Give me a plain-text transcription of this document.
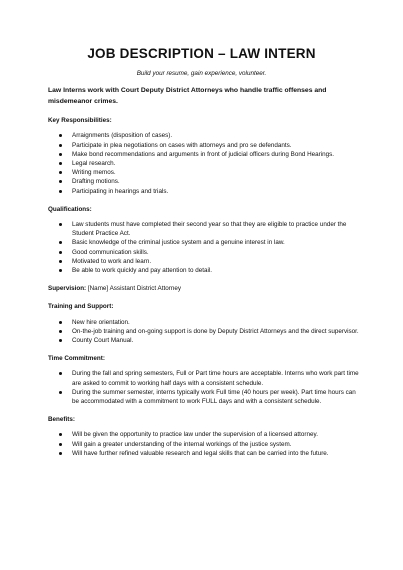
JOB DESCRIPTION – LAW INTERN
Build your resume, gain experience, volunteer.
Law Interns work with Court Deputy District Attorneys who handle traffic offenses and misdemeanor crimes.
Key Responsibilities:
Arraignments (disposition of cases).
Participate in plea negotiations on cases with attorneys and pro se defendants.
Make bond recommendations and arguments in front of judicial officers during Bond Hearings.
Legal research.
Writing memos.
Drafting motions.
Participating in hearings and trials.
Qualifications:
Law students must have completed their second year so that they are eligible to practice under the Student Practice Act.
Basic knowledge of the criminal justice system and a genuine interest in law.
Good communication skills.
Motivated to work and learn.
Be able to work quickly and pay attention to detail.
Supervision: [Name] Assistant District Attorney
Training and Support:
New hire orientation.
On-the-job training and on-going support is done by Deputy District Attorneys and the direct supervisor.
County Court Manual.
Time Commitment:
During the fall and spring semesters, Full or Part time hours are acceptable. Interns who work part time are asked to commit to working half days with a consistent schedule.
During the summer semester, interns typically work Full time (40 hours per week). Part time hours can be accommodated with a commitment to work FULL days and with a consistent schedule.
Benefits:
Will be given the opportunity to practice law under the supervision of a licensed attorney.
Will gain a greater understanding of the internal workings of the justice system.
Will have further refined valuable research and legal skills that can be carried into the future.
